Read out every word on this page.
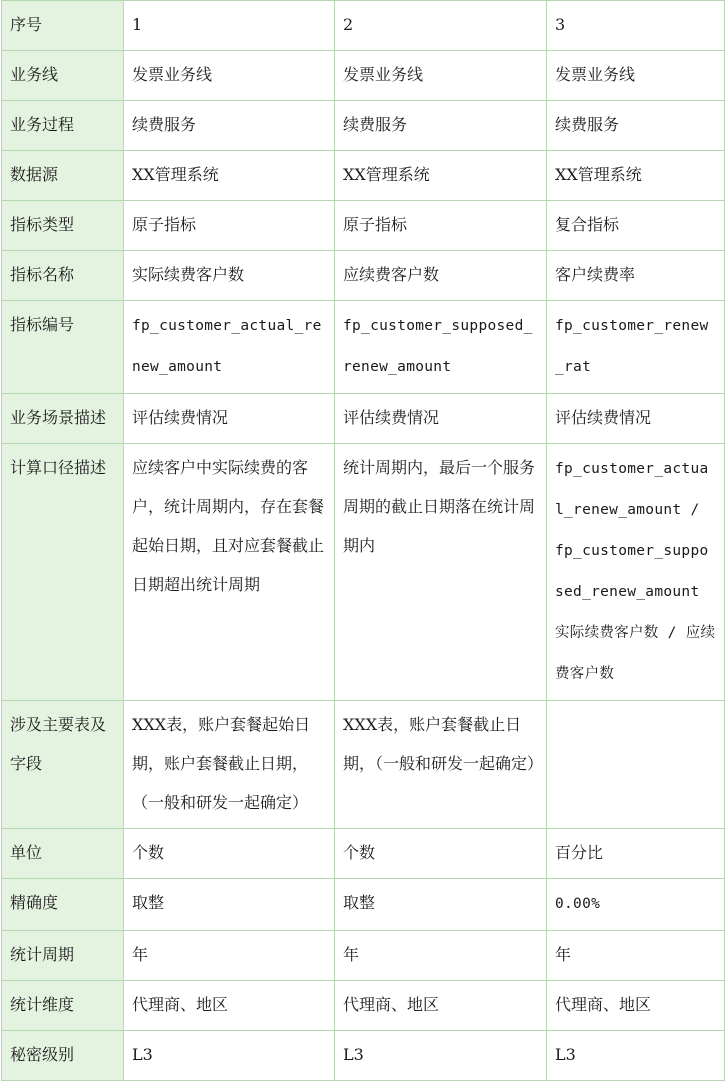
序号	1	2	3
业务线	发票业务线	发票业务线	发票业务线
业务过程	续费服务	续费服务	续费服务
数据源	XX管理系统	XX管理系统	XX管理系统
指标类型	原子指标	原子指标	复合指标
指标名称	实际续费客户数	应续费客户数	客户续费率
指标编号	fp_customer_actual_renew_amount	fp_customer_supposed_renew_amount	fp_customer_renew_rat
业务场景描述	评估续费情况	评估续费情况	评估续费情况
计算口径描述	应续客户中实际续费的客户，统计周期内，存在套餐起始日期，且对应套餐截止日期超出统计周期	统计周期内，最后一个服务周期的截止日期落在统计周期内	fp_customer_actual_renew_amount / fp_customer_supposed_renew_amount 实际续费客户数 / 应续费客户数
涉及主要表及字段	XXX表，账户套餐起始日期，账户套餐截止日期，（一般和研发一起确定）	XXX表，账户套餐截止日期，（一般和研发一起确定）	
单位	个数	个数	百分比
精确度	取整	取整	0.00%
统计周期	年	年	年
统计维度	代理商、地区	代理商、地区	代理商、地区
秘密级别	L3	L3	L3
